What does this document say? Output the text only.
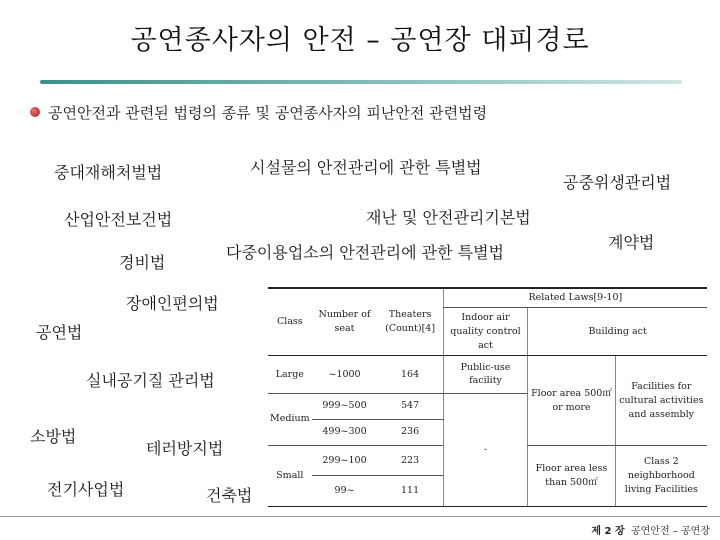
공연종사자의 안전 – 공연장 대피경로
공연안전과 관련된 법령의 종류 및 공연종사자의 피난안전 관련법령
중대재해처벌법	시설물의 안전관리에 관한 특별법
공중위생관리법
산업안전보건법	재난 및 안전관리기본법
계약법
경비법
다중이용업소의 안전관리에 관한 특별법
장애인편의법
공연법
실내공기질 관리법
소방법
테러방지법
전기사업법	건축법
Class	Number of seat	Theaters (Count)[4]	Related Laws[9-10]		
			Indoor air quality control act	Building act	
Large	~1000	164	Public-use facility	Floor area 500㎡ or more	Facilities for cultural activities and assembly
Medium	999~500	547	-		
	499~300	236			
Small	299~100	223		Floor area less than 500㎡	Class 2 neighborhood living Facilities
	99~	111			
제 2 장 공연안전 – 공연장
